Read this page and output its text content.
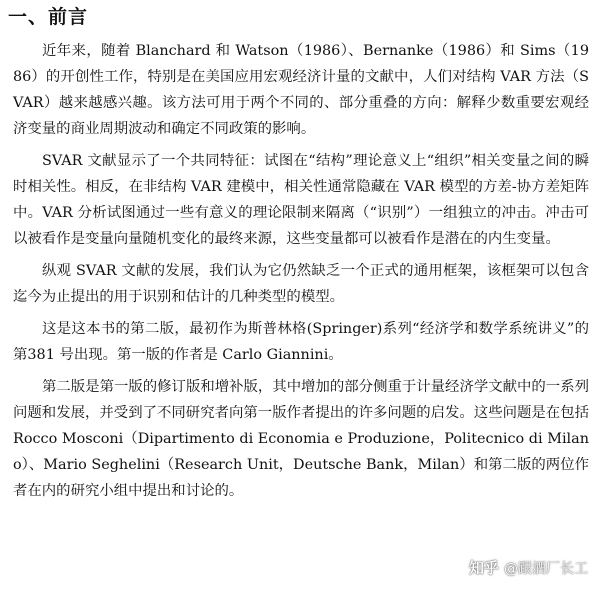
一、前言

近年来，随着 Blanchard 和 Watson（1986）、Bernanke（1986）和 Sims（1986）的开创性工作，特别是在美国应用宏观经济计量的文献中，人们对结构 VAR 方法（SVAR）越来越感兴趣。该方法可用于两个不同的、部分重叠的方向：解释少数重要宏观经济变量的商业周期波动和确定不同政策的影响。

SVAR 文献显示了一个共同特征：试图在“结构”理论意义上“组织”相关变量之间的瞬时相关性。相反，在非结构 VAR 建模中，相关性通常隐藏在 VAR 模型的方差-协方差矩阵中。VAR 分析试图通过一些有意义的理论限制来隔离（“识别”）一组独立的冲击。冲击可以被看作是变量向量随机变化的最终来源，这些变量都可以被看作是潜在的内生变量。

纵观 SVAR 文献的发展，我们认为它仍然缺乏一个正式的通用框架，该框架可以包含迄今为止提出的用于识别和估计的几种类型的模型。

这是这本书的第二版，最初作为斯普林格(Springer)系列“经济学和数学系统讲义”的第381 号出现。第一版的作者是 Carlo Giannini。

第二版是第一版的修订版和增补版，其中增加的部分侧重于计量经济学文献中的一系列问题和发展，并受到了不同研究者向第一版作者提出的许多问题的启发。这些问题是在包括 Rocco Mosconi（Dipartimento di Economia e Produzione，Politecnico di Milano）、Mario Seghelini（Research Unit，Deutsche Bank，Milan）和第二版的两位作者在内的研究小组中提出和讨论的。

知乎 @跟酒厂长工
